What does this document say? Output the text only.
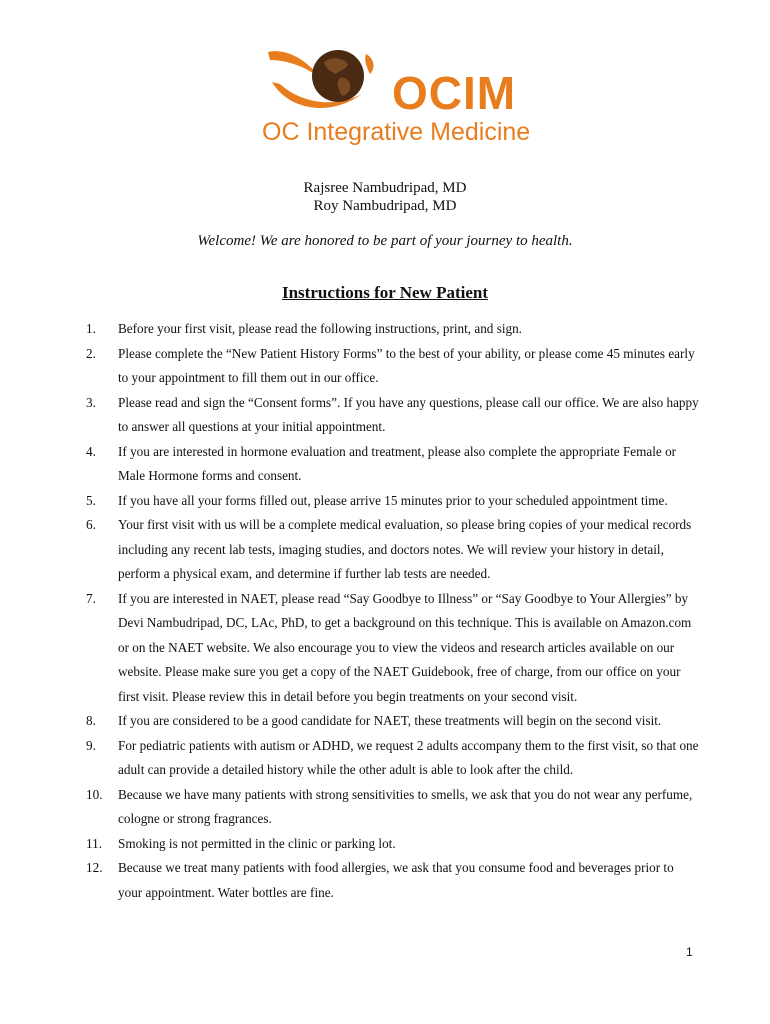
OCIM
OC Integrative Medicine
Rajsree Nambudripad, MD
Roy Nambudripad, MD
Welcome! We are honored to be part of your journey to health.
Instructions for New Patient
1.	Before your first visit, please read the following instructions, print, and sign.
2.	Please complete the “New Patient History Forms” to the best of your ability, or please come 45 minutes early to your appointment to fill them out in our office.
3.	Please read and sign the “Consent forms”. If you have any questions, please call our office. We are also happy to answer all questions at your initial appointment.
4.	If you are interested in hormone evaluation and treatment, please also complete the appropriate Female or Male Hormone forms and consent.
5.	If you have all your forms filled out, please arrive 15 minutes prior to your scheduled appointment time.
6.	Your first visit with us will be a complete medical evaluation, so please bring copies of your medical records including any recent lab tests, imaging studies, and doctors notes. We will review your history in detail, perform a physical exam, and determine if further lab tests are needed.
7.	If you are interested in NAET, please read “Say Goodbye to Illness” or “Say Goodbye to Your Allergies” by Devi Nambudripad, DC, LAc, PhD, to get a background on this technique. This is available on Amazon.com or on the NAET website. We also encourage you to view the videos and research articles available on our website. Please make sure you get a copy of the NAET Guidebook, free of charge, from our office on your first visit. Please review this in detail before you begin treatments on your second visit.
8.	If you are considered to be a good candidate for NAET, these treatments will begin on the second visit.
9.	For pediatric patients with autism or ADHD, we request 2 adults accompany them to the first visit, so that one adult can provide a detailed history while the other adult is able to look after the child.
10.	Because we have many patients with strong sensitivities to smells, we ask that you do not wear any perfume, cologne or strong fragrances.
11.	Smoking is not permitted in the clinic or parking lot.
12.	Because we treat many patients with food allergies, we ask that you consume food and beverages prior to your appointment. Water bottles are fine.
1
